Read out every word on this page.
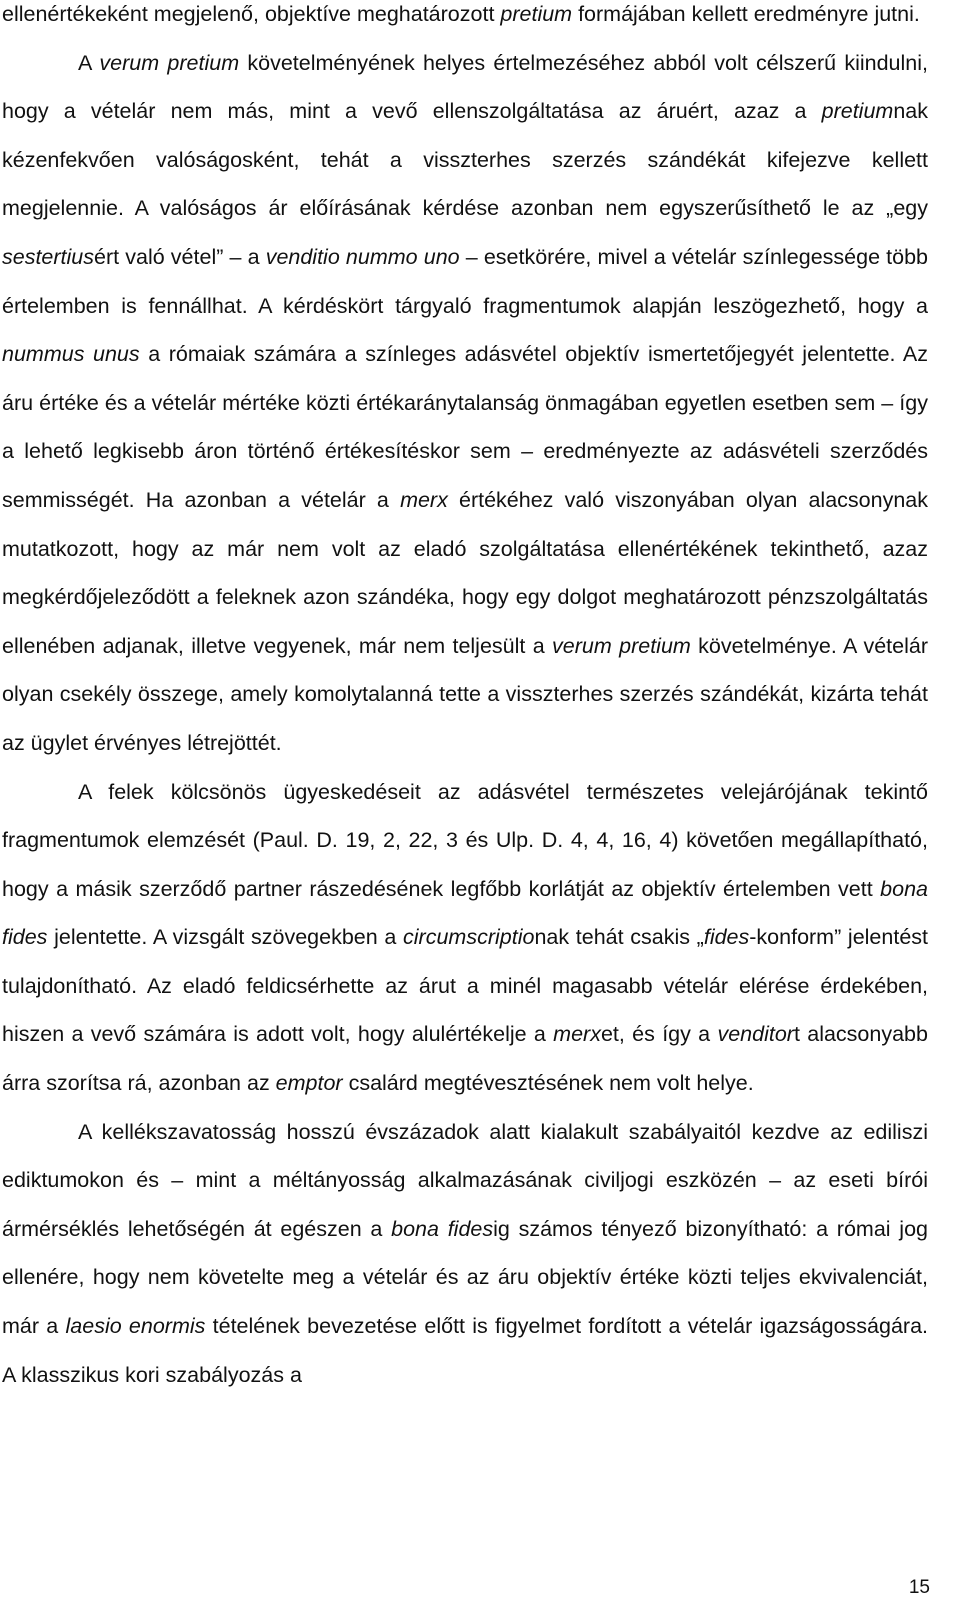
ellenértékeként megjelenő, objektíve meghatározott pretium formájában kellett eredményre jutni.

A verum pretium követelményének helyes értelmezéséhez abból volt célszerű kiindulni, hogy a vételár nem más, mint a vevő ellenszolgáltatása az áruért, azaz a pretiumnak kézenfekvően valóságosként, tehát a visszterhes szerzés szándékát kifejezve kellett megjelennie. A valóságos ár előírásának kérdése azonban nem egyszerűsíthető le az „egy sestertiusért való vétel” – a venditio nummo uno – esetkörére, mivel a vételár színlegessége több értelemben is fennállhat. A kérdéskört tárgyaló fragmentumok alapján leszögezhető, hogy a nummus unus a rómaiak számára a színleges adásvétel objektív ismertetőjegyét jelentette. Az áru értéke és a vételár mértéke közti értékaránytalanság önmagában egyetlen esetben sem – így a lehető legkisebb áron történő értékesítéskor sem – eredményezte az adásvételi szerződés semmisségét. Ha azonban a vételár a merx értékéhez való viszonyában olyan alacsonynak mutatkozott, hogy az már nem volt az eladó szolgáltatása ellenértékének tekinthető, azaz megkérdőjeleződött a feleknek azon szándéka, hogy egy dolgot meghatározott pénzszolgáltatás ellenében adjanak, illetve vegyenek, már nem teljesült a verum pretium követelménye. A vételár olyan csekély összege, amely komolytalanná tette a visszterhes szerzés szándékát, kizárta tehát az ügylet érvényes létrejöttét.

A felek kölcsönös ügyeskedéseit az adásvétel természetes velejárójának tekintő fragmentumok elemzését (Paul. D. 19, 2, 22, 3 és Ulp. D. 4, 4, 16, 4) követően megállapítható, hogy a másik szerződő partner rászedésének legfőbb korlátját az objektív értelemben vett bona fides jelentette. A vizsgált szövegekben a circumscriptionak tehát csakis „fides-konform” jelentést tulajdonítható. Az eladó feldicsérhette az árut a minél magasabb vételár elérése érdekében, hiszen a vevő számára is adott volt, hogy alulértékelje a merxet, és így a venditort alacsonyabb árra szorítsa rá, azonban az emptor csalárd megtévesztésének nem volt helye.

A kellékszavatosság hosszú évszázadok alatt kialakult szabályaitól kezdve az ediliszi ediktumokon és – mint a méltányosság alkalmazásának civiljogi eszközén – az eseti bírói ármérséklés lehetőségén át egészen a bona fidesig számos tényező bizonyítható: a római jog ellenére, hogy nem követelte meg a vételár és az áru objektív értéke közti teljes ekvivalenciát, már a laesio enormis tételének bevezetése előtt is figyelmet fordított a vételár igazságosságára. A klasszikus kori szabályozás a

15
